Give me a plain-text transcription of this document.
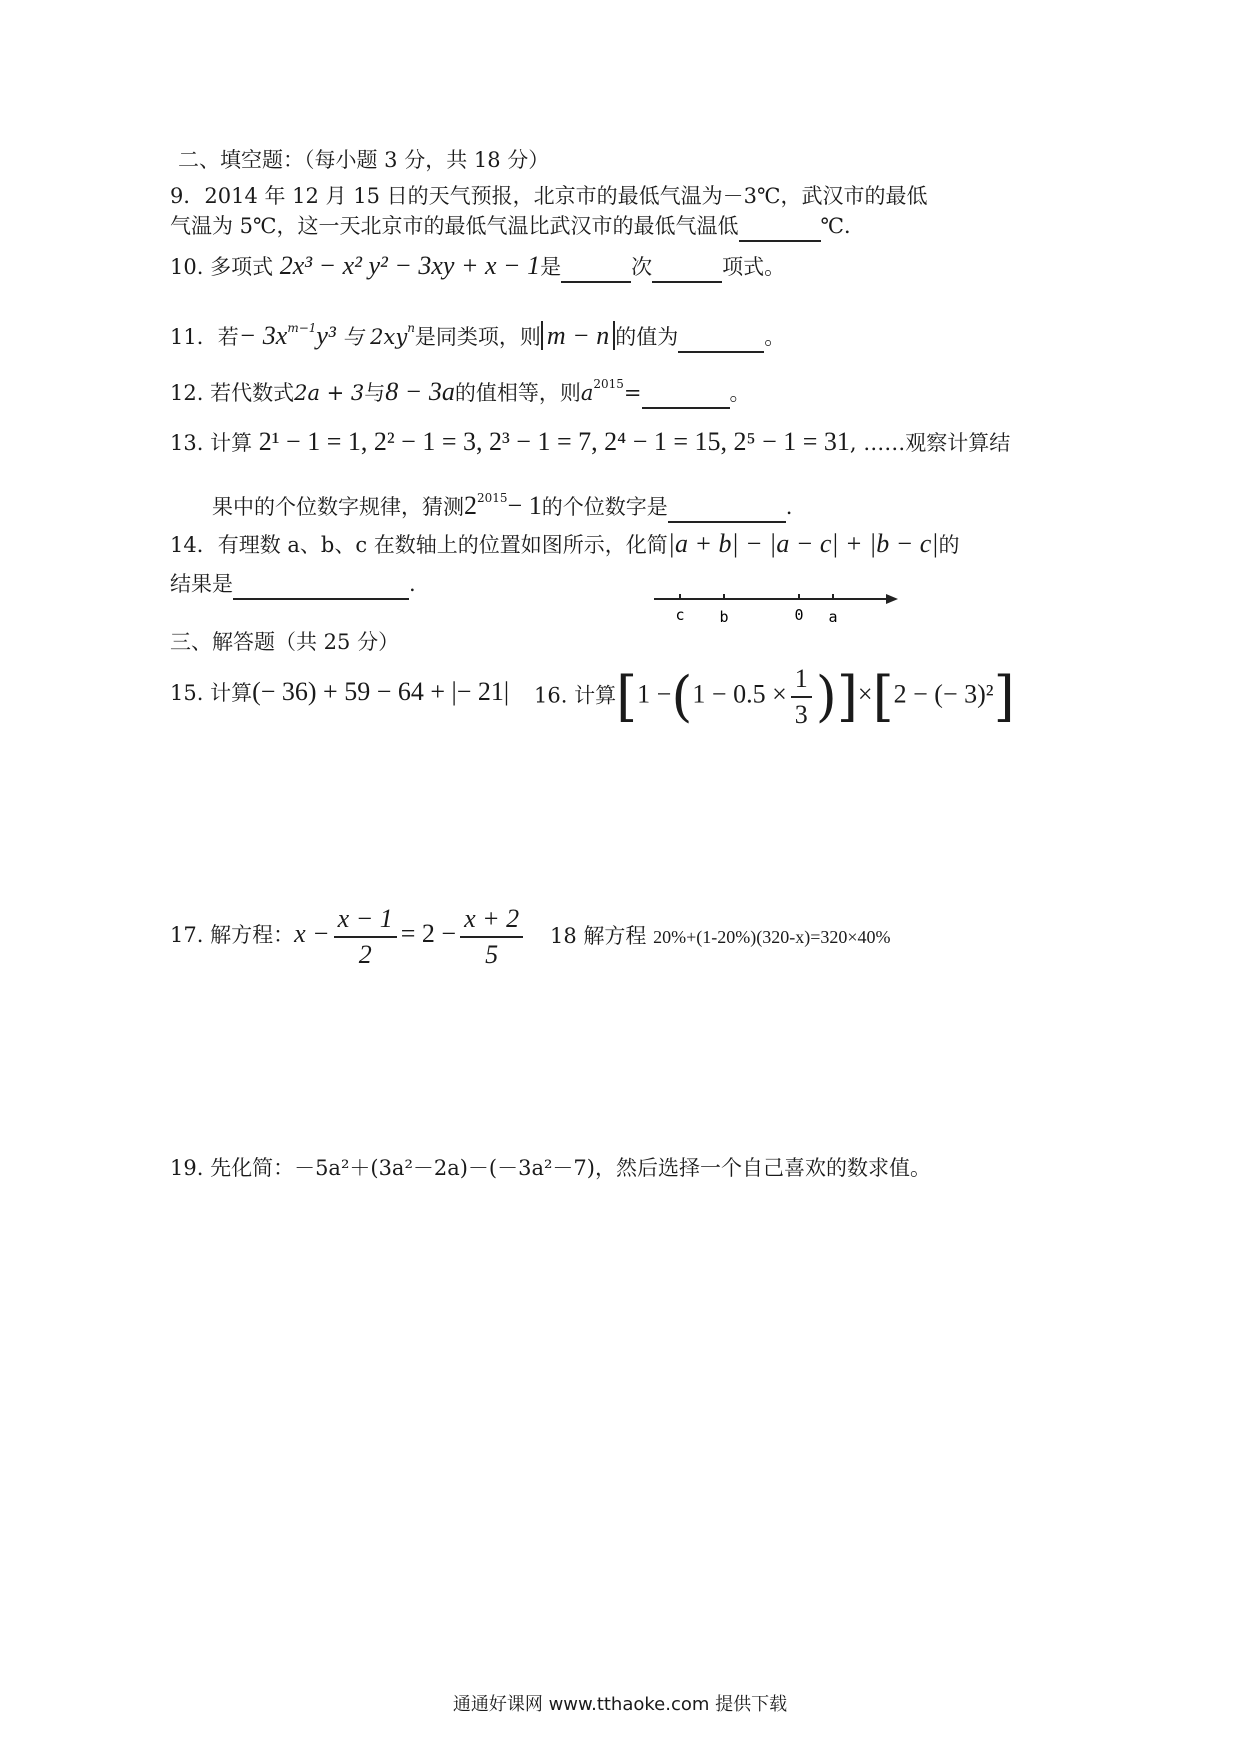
二、填空题：（每小题 3 分，共 18 分）
9．2014 年 12 月 15 日的天气预报，北京市的最低气温为－3℃，武汉市的最低
气温为 5℃，这一天北京市的最低气温比武汉市的最低气温低	℃．
10. 多项式 2x³ − x² y² − 3xy + x − 1是	次	项式。
11．若− $3x^{m-1}y^3$ 与 $2xy^n$是同类项，则 m − n 的值为	。
12. 若代数式2a + 3与8 − 3a的值相等，则$a^{2015}=$	。
13. 计算 2¹ − 1 = 1, 2² − 1 = 3, 2³ − 1 = 7, 2⁴ − 1 = 15, 2⁵ − 1 = 31, ……观察计算结
果中的个位数字规律，猜测$2^{2015}- 1$的个位数字是	.
14．有理数 a、b、c 在数轴上的位置如图所示，化简|a + b| − |a − c| + |b − c|的
结果是	.
c b	0 a
三、解答题（共 25 分）
15. 计算(− 36) + 59 − 64 + |− 21| 16. 计算$[1 -(1 - 0.5 \times \frac{1}{3} )]\times[2$ − (− 3)²]
17. 解方程：$x - \frac{x - 1}{2} = 2 - \frac{x + 2}{5} 18$ 解方程 20%+(1-20%)(320-x)=320×40%
19. 先化简：－5a²＋(3a²－2a)－(－3a²－7)，然后选择一个自己喜欢的数求值。
通通好课网 www.tthaoke.com 提供下载
